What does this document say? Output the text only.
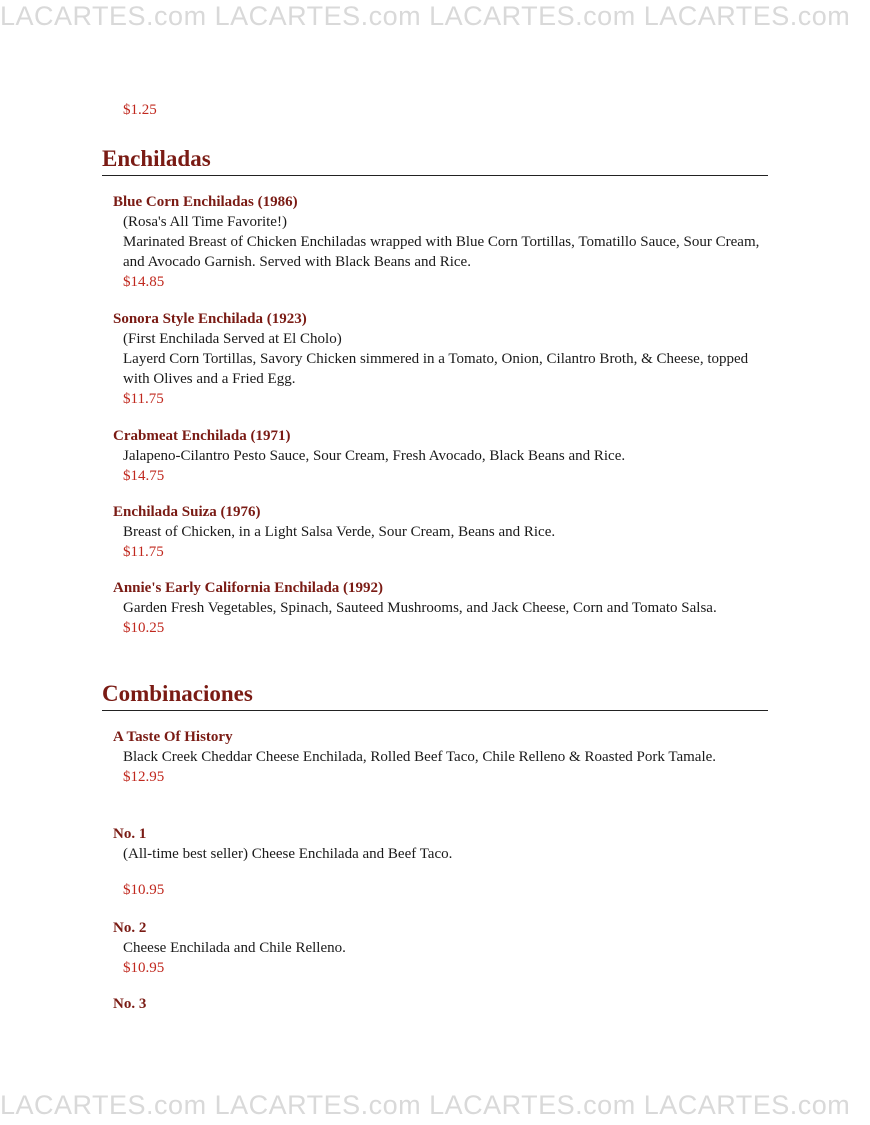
LACARTES.com LACARTES.com LACARTES.com LACARTES.com
$1.25
Enchiladas
Blue Corn Enchiladas (1986)
(Rosa's All Time Favorite!)
Marinated Breast of Chicken Enchiladas wrapped with Blue Corn Tortillas, Tomatillo Sauce, Sour Cream, and Avocado Garnish. Served with Black Beans and Rice.
$14.85
Sonora Style Enchilada (1923)
(First Enchilada Served at El Cholo)
Layerd Corn Tortillas, Savory Chicken simmered in a Tomato, Onion, Cilantro Broth, & Cheese, topped with Olives and a Fried Egg.
$11.75
Crabmeat Enchilada (1971)
Jalapeno-Cilantro Pesto Sauce, Sour Cream, Fresh Avocado, Black Beans and Rice.
$14.75
Enchilada Suiza (1976)
Breast of Chicken, in a Light Salsa Verde, Sour Cream, Beans and Rice.
$11.75
Annie's Early California Enchilada (1992)
Garden Fresh Vegetables, Spinach, Sauteed Mushrooms, and Jack Cheese, Corn and Tomato Salsa.
$10.25
Combinaciones
A Taste Of History
Black Creek Cheddar Cheese Enchilada, Rolled Beef Taco, Chile Relleno & Roasted Pork Tamale.
$12.95
No. 1
(All-time best seller) Cheese Enchilada and Beef Taco.
$10.95
No. 2
Cheese Enchilada and Chile Relleno.
$10.95
No. 3
LACARTES.com LACARTES.com LACARTES.com LACARTES.com
